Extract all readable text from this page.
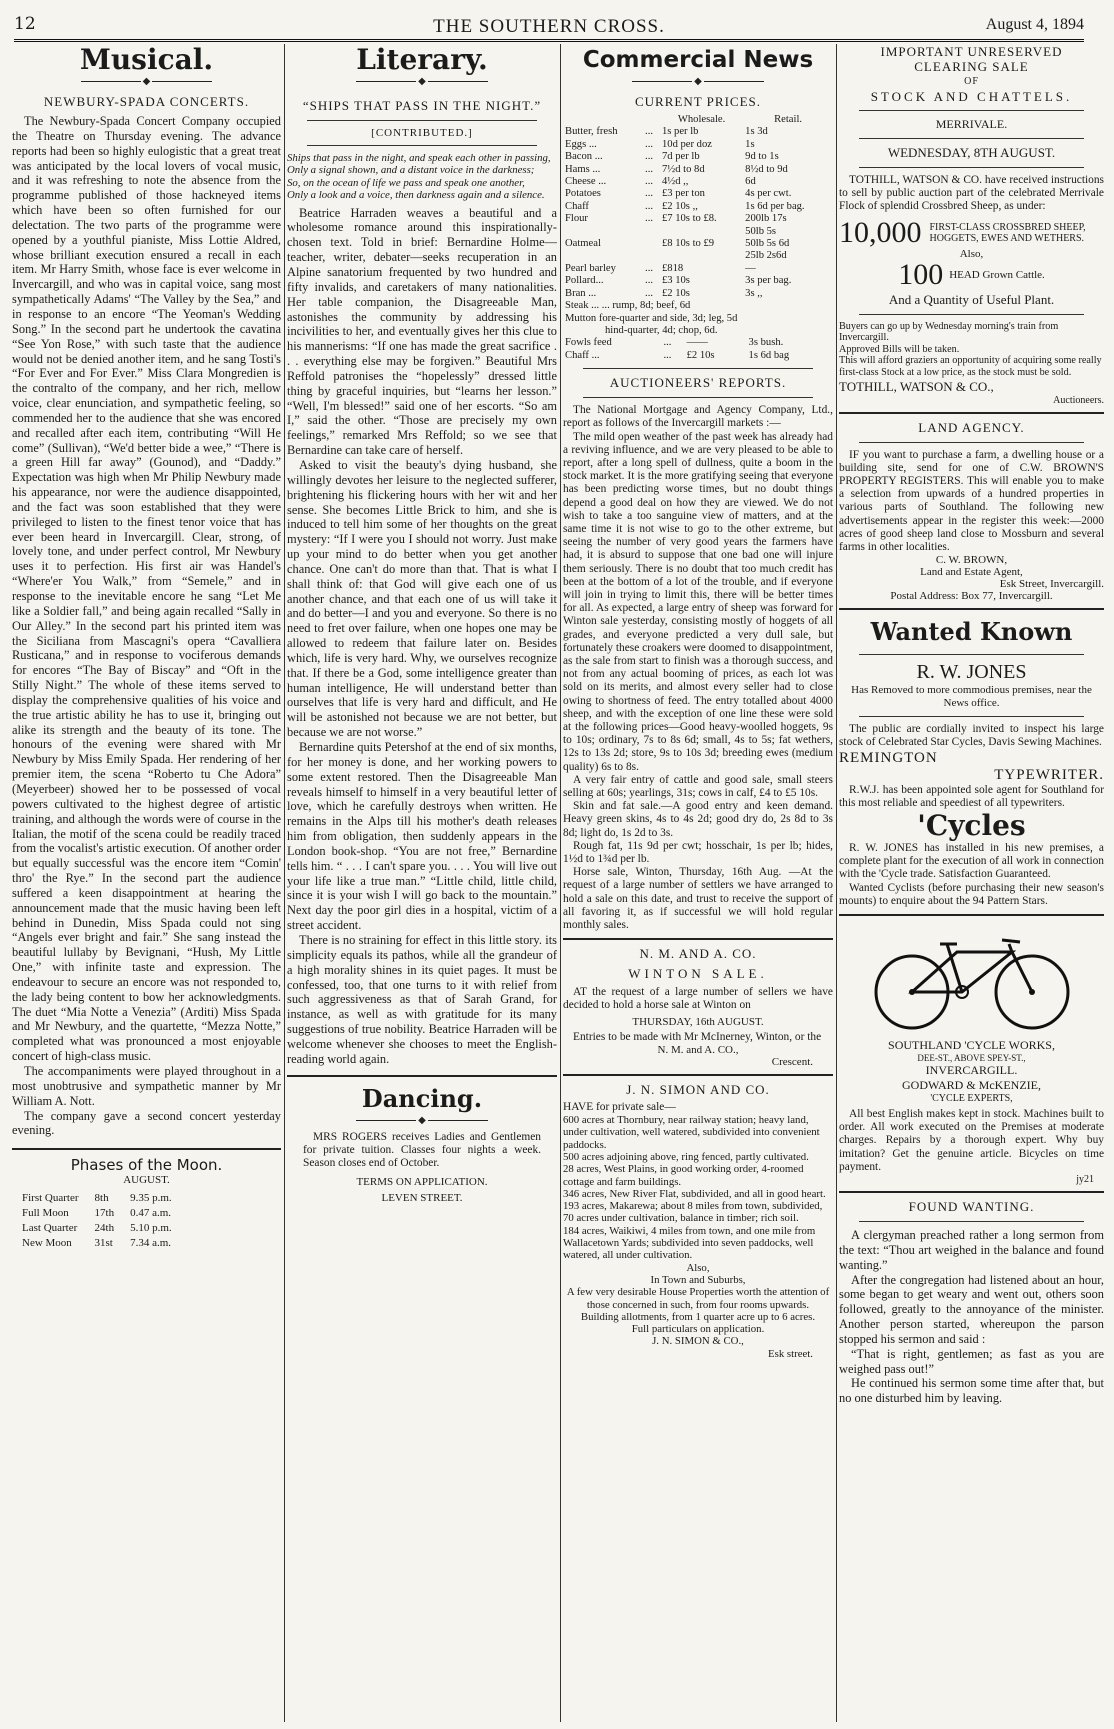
12	THE SOUTHERN CROSS.	August 4, 1894
Musical.
◆
NEWBURY-SPADA CONCERTS.

The Newbury-Spada Concert Company occupied the Theatre on Thursday evening. The advance reports had been so highly eulogistic that a great treat was anticipated by the local lovers of vocal music, and it was refreshing to note the absence from the programme published of those hackneyed items which have been so often furnished for our delectation. The two parts of the programme were opened by a youthful pianiste, Miss Lottie Aldred, whose brilliant execution ensured a recall in each item. Mr Harry Smith, whose face is ever welcome in Invercargill, and who was in capital voice, sang most sympathetically Adams' “The Valley by the Sea,” and in response to an encore “The Yeoman's Wedding Song.” In the second part he undertook the cavatina “See Yon Rose,” with such taste that the audience would not be denied another item, and he sang Tosti's “For Ever and For Ever.” Miss Clara Mongredien is the contralto of the company, and her rich, mellow voice, clear enunciation, and sympathetic feeling, so commended her to the audience that she was encored and recalled after each item, contributing “Will He come” (Sullivan), “We'd better bide a wee,” “There is a green Hill far away” (Gounod), and “Daddy.” Expectation was high when Mr Philip Newbury made his appearance, nor were the audience disappointed, and the fact was soon established that they were privileged to listen to the finest tenor voice that has ever been heard in Invercargill. Clear, strong, of lovely tone, and under perfect control, Mr Newbury uses it to perfection. His first air was Handel's “Where'er You Walk,” from “Semele,” and in response to the inevitable encore he sang “Let Me like a Soldier fall,” and being again recalled “Sally in Our Alley.” In the second part his printed item was the Siciliana from Mascagni's opera “Cavalliera Rusticana,” and in response to vociferous demands for encores “The Bay of Biscay” and “Oft in the Stilly Night.” The whole of these items served to display the comprehensive qualities of his voice and the true artistic ability he has to use it, bringing out alike its strength and the beauty of its tone. The honours of the evening were shared with Mr Newbury by Miss Emily Spada. Her rendering of her premier item, the scena “Roberto tu Che Adora” (Meyerbeer) showed her to be possessed of vocal powers cultivated to the highest degree of artistic training, and although the words were of course in the Italian, the motif of the scena could be readily traced from the vocalist's artistic execution. Of another order but equally successful was the encore item “Comin' thro' the Rye.” In the second part the audience suffered a keen disappointment at hearing the announcement made that the music having been left behind in Dunedin, Miss Spada could not sing “Angels ever bright and fair.” She sang instead the beautiful lullaby by Bevignani, “Hush, My Little One,” with infinite taste and expression. The endeavour to secure an encore was not responded to, the lady being content to bow her acknowledgments. The duet “Mia Notte a Venezia” (Arditi) Miss Spada and Mr Newbury, and the quartette, “Mezza Notte,” completed what was pronounced a most enjoyable concert of high-class music.

The accompaniments were played throughout in a most unobtrusive and sympathetic manner by Mr William A. Nott.

The company gave a second concert yesterday evening.

Phases of the Moon.
AUGUST.
First Quarter	8th	9.35 p.m.
Full Moon	17th	0.47 a.m.
Last Quarter	24th	5.10 p.m.
New Moon	31st	7.34 a.m.
Literary.
◆
“SHIPS THAT PASS IN THE NIGHT.”
[CONTRIBUTED.]
Ships that pass in the night, and speak each other in passing,
Only a signal shown, and a distant voice in the darkness;
So, on the ocean of life we pass and speak one another,
Only a look and a voice, then darkness again and a silence.

Beatrice Harraden weaves a beautiful and a wholesome romance around this inspirationally-chosen text. Told in brief: Bernardine Holme—teacher, writer, debater—seeks recuperation in an Alpine sanatorium frequented by two hundred and fifty invalids, and caretakers of many nationalities. Her table companion, the Disagreeable Man, astonishes the community by addressing his incivilities to her, and eventually gives her this clue to his mannerisms: “If one has made the great sacrifice . . . everything else may be forgiven.” Beautiful Mrs Reffold patronises the “hopelessly” dressed little thing by graceful inquiries, but “learns her lesson.” “Well, I'm blessed!” said one of her escorts. “So am I,” said the other. “Those are precisely my own feelings,” remarked Mrs Reffold; so we see that Bernardine can take care of herself.

Asked to visit the beauty's dying husband, she willingly devotes her leisure to the neglected sufferer, brightening his flickering hours with her wit and her sense. She becomes Little Brick to him, and she is induced to tell him some of her thoughts on the great mystery: “If I were you I should not worry. Just make up your mind to do better when you get another chance. One can't do more than that. That is what I shall think of: that God will give each one of us another chance, and that each one of us will take it and do better—I and you and everyone. So there is no need to fret over failure, when one hopes one may be allowed to redeem that failure later on. Besides which, life is very hard. Why, we ourselves recognize that. If there be a God, some intelligence greater than human intelligence, He will understand better than ourselves that life is very hard and difficult, and He will be astonished not because we are not better, but because we are not worse.”

Bernardine quits Petershof at the end of six months, for her money is done, and her working powers to some extent restored. Then the Disagreeable Man reveals himself to himself in a very beautiful letter of love, which he carefully destroys when written. He remains in the Alps till his mother's death releases him from obligation, then suddenly appears in the London book-shop. “You are not free,” Bernardine tells him. “ . . . I can't spare you. . . . You will live out your life like a true man.” “Little child, little child, since it is your wish I will go back to the mountain.” Next day the poor girl dies in a hospital, victim of a street accident.

There is no straining for effect in this little story. its simplicity equals its pathos, while all the grandeur of a high morality shines in its quiet pages. It must be confessed, too, that one turns to it with relief from such aggressiveness as that of Sarah Grand, for instance, as well as with gratitude for its many suggestions of true nobility. Beatrice Harraden will be welcome whenever she chooses to meet the English-reading world again.

Dancing.
◆

MRS ROGERS receives Ladies and Gentlemen for private tuition. Classes four nights a week. Season closes end of October.

TERMS ON APPLICATION.
LEVEN STREET.
Commercial News
◆
CURRENT PRICES.
		Wholesale.	Retail.
Butter, fresh	...	1s per lb	1s 3d
Eggs ...	...	10d per doz	1s
Bacon ...	...	7d per lb	9d to 1s
Hams ...	...	7½d to 8d	8½d to 9d
Cheese ...	...	4½d ,,	6d
Potatoes	...	£3 per ton	4s per cwt.
Chaff	...	£2 10s ,,	1s 6d per bag.
Flour	...	£7 10s to £8.	200lb 17s
			50lb 5s
Oatmeal		£8 10s to £9	50lb 5s 6d
			25lb 2s6d
Pearl barley	...	£818	—
Pollard...	...	£3 10s	3s per bag.
Bran ...	...	£2 10s	3s ,,
Steak ... ... rump, 8d; beef, 6d
Mutton fore-quarter and side, 3d; leg, 5d
hind-quarter, 4d; chop, 6d.
Fowls feed	...	——	3s bush.
Chaff ...	...	£2 10s	1s 6d bag
AUCTIONEERS' REPORTS.

The National Mortgage and Agency Company, Ltd., report as follows of the Invercargill markets :—

The mild open weather of the past week has already had a reviving influence, and we are very pleased to be able to report, after a long spell of dullness, quite a boom in the stock market. It is the more gratifying seeing that everyone has been predicting worse times, but no doubt things depend a good deal on how they are viewed. We do not wish to take a too sanguine view of matters, and at the same time it is not wise to go to the other extreme, but seeing the number of very good years the farmers have had, it is absurd to suppose that one bad one will injure them seriously. There is no doubt that too much credit has been at the bottom of a lot of the trouble, and if everyone will join in trying to limit this, there will be better times for all. As expected, a large entry of sheep was forward for Winton sale yesterday, consisting mostly of hoggets of all grades, and everyone predicted a very dull sale, but fortunately these croakers were doomed to disappointment, as the sale from start to finish was a thorough success, and not from any actual booming of prices, as each lot was sold on its merits, and almost every seller had to close owing to shortness of feed. The entry totalled about 4000 sheep, and with the exception of one line these were sold at the following prices—Good heavy-woolled hoggets, 9s to 10s; ordinary, 7s to 8s 6d; small, 4s to 5s; fat wethers, 12s to 13s 2d; store, 9s to 10s 3d; breeding ewes (medium quality) 6s to 8s.

A very fair entry of cattle and good sale, small steers selling at 60s; yearlings, 31s; cows in calf, £4 to £5 10s.

Skin and fat sale.—A good entry and keen demand. Heavy green skins, 4s to 4s 2d; good dry do, 2s 8d to 3s 8d; light do, 1s 2d to 3s.

Rough fat, 11s 9d per cwt; hosschair, 1s per lb; hides, 1½d to 1¾d per lb.

Horse sale, Winton, Thursday, 16th Aug. —At the request of a large number of settlers we have arranged to hold a sale on this date, and trust to receive the support of all favoring it, as if successful we will hold regular monthly sales.

N. M. AND A. CO.
WINTON SALE.

AT the request of a large number of sellers we have decided to hold a horse sale at Winton on

THURSDAY, 16th AUGUST.

Entries to be made with Mr McInerney, Winton, or the

N. M. and A. CO.,
Crescent.
J. N. SIMON AND CO.
HAVE for private sale—
600 acres at Thornbury, near railway station; heavy land, under cultivation, well watered, subdivided into convenient paddocks.
500 acres adjoining above, ring fenced, partly cultivated.
28 acres, West Plains, in good working order, 4-roomed cottage and farm buildings.
346 acres, New River Flat, subdivided, and all in good heart.
193 acres, Makarewa; about 8 miles from town, subdivided, 70 acres under cultivation, balance in timber; rich soil.
184 acres, Waikiwi, 4 miles from town, and one mile from Wallacetown Yards; subdivided into seven paddocks, well watered, all under cultivation.
Also,
In Town and Suburbs,
A few very desirable House Properties worth the attention of those concerned in such, from four rooms upwards.
Building allotments, from 1 quarter acre up to 6 acres.
Full particulars on application.
J. N. SIMON & CO.,
Esk street.
IMPORTANT UNRESERVED
CLEARING SALE
OF
STOCK AND CHATTELS.
MERRIVALE.
WEDNESDAY, 8TH AUGUST.

TOTHILL, WATSON & CO. have received instructions to sell by public auction part of the celebrated Merrivale Flock of splendid Crossbred Sheep, as under:

10,000 FIRST-CLASS CROSSBRED SHEEP, HOGGETS, EWES AND WETHERS.
Also,
100 HEAD Grown Cattle.
And a Quantity of Useful Plant.
Buyers can go up by Wednesday morning's train from Invercargill.
Approved Bills will be taken.
This will afford graziers an opportunity of acquiring some really first-class Stock at a low price, as the stock must be sold.
TOTHILL, WATSON & CO.,
Auctioneers.
LAND AGENCY.

IF you want to purchase a farm, a dwelling house or a building site, send for one of C.W. BROWN'S PROPERTY REGISTERS. This will enable you to make a selection from upwards of a hundred properties in various parts of Southland. The following new advertisements appear in the register this week:—2000 acres of good sheep land close to Mossburn and several farms in other localities.

C. W. BROWN,
Land and Estate Agent,
Esk Street, Invercargill.
Postal Address: Box 77, Invercargill.
Wanted Known
R. W. JONES
Has Removed to more commodious premises, near the News office.

The public are cordially invited to inspect his large stock of Celebrated Star Cycles, Davis Sewing Machines.

REMINGTON
TYPEWRITER.

R.W.J. has been appointed sole agent for Southland for this most reliable and speediest of all typewriters.

'Cycles

R. W. JONES has installed in his new premises, a complete plant for the execution of all work in connection with the 'Cycle trade. Satisfaction Guaranteed.

Wanted Cyclists (before purchasing their new season's mounts) to enquire about the 94 Pattern Stars.

SOUTHLAND 'CYCLE WORKS,
DEE-ST., ABOVE SPEY-ST.,
INVERCARGILL.
GODWARD & McKENZIE,
'CYCLE EXPERTS,

All best English makes kept in stock. Machines built to order. All work executed on the Premises at moderate charges. Repairs by a thorough expert. Why buy imitation? Get the genuine article. Bicycles on time payment.

jy21
FOUND WANTING.

A clergyman preached rather a long sermon from the text: “Thou art weighed in the balance and found wanting.”

After the congregation had listened about an hour, some began to get weary and went out, others soon followed, greatly to the annoyance of the minister. Another person started, whereupon the parson stopped his sermon and said :

“That is right, gentlemen; as fast as you are weighed pass out!”

He continued his sermon some time after that, but no one disturbed him by leaving.
